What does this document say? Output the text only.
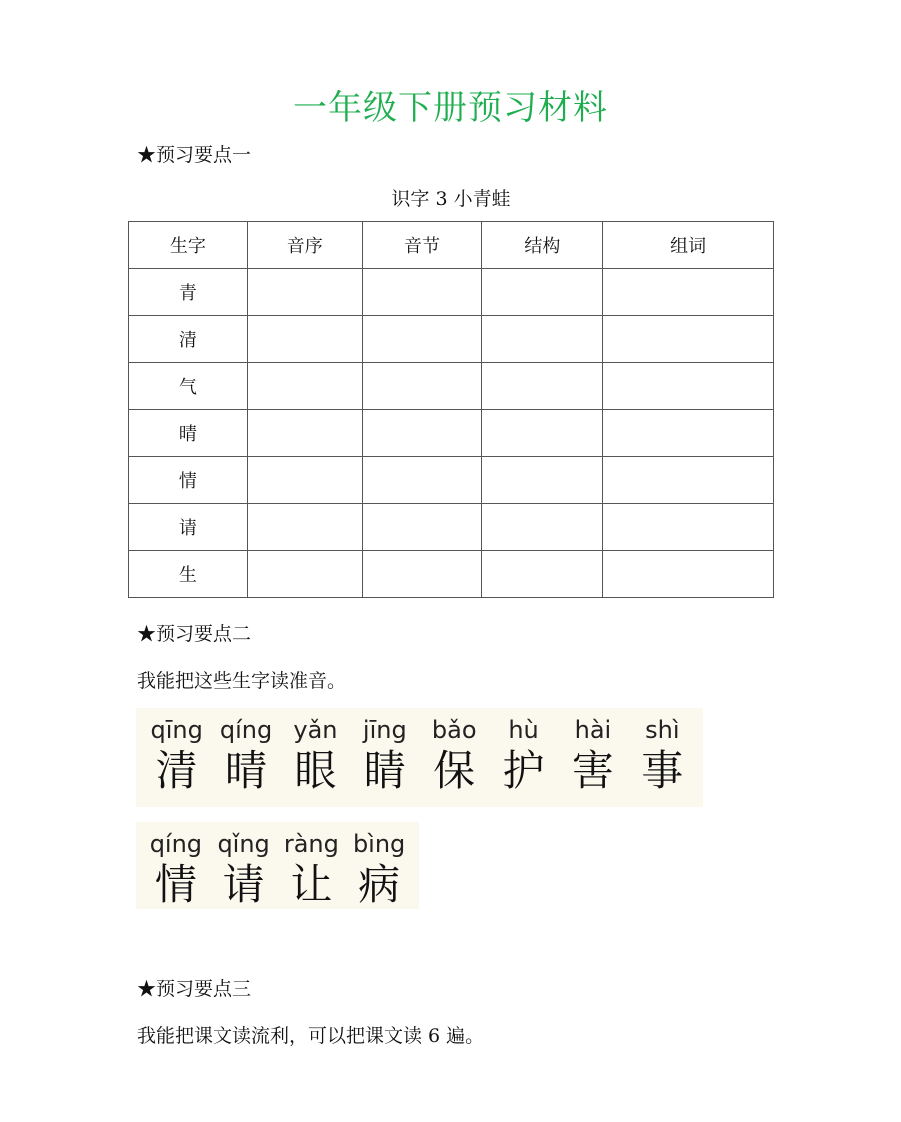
一年级下册预习材料
★预习要点一
识字 3 小青蛙
生字	音序	音节	结构	组词
青				
清				
气				
晴				
情				
请				
生				
★预习要点二
我能把这些生字读准音。
qīng
清
qíng
晴
yǎn
眼
jīng
睛
bǎo
保
hù
护
hài
害
shì
事
qíng
情
qǐng
请
ràng
让
bìng
病
★预习要点三
我能把课文读流利，可以把课文读 6 遍。
